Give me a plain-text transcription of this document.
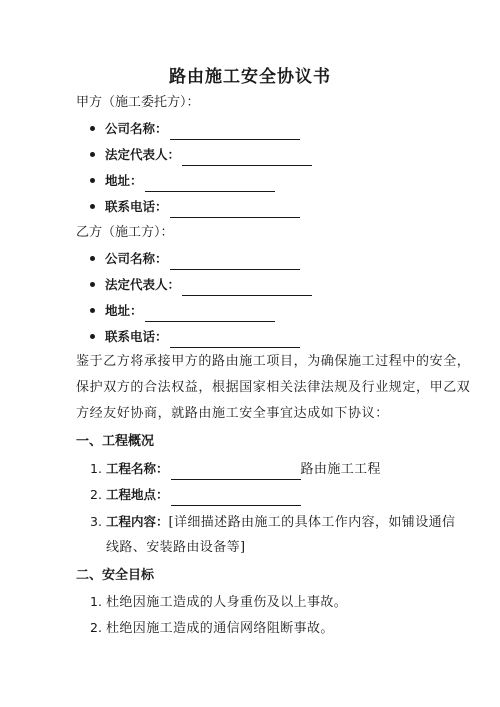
路由施工安全协议书
甲方（施工委托方）：
公司名称：
法定代表人：
地址：
联系电话：
乙方（施工方）：
公司名称：
法定代表人：
地址：
联系电话：
鉴于乙方将承接甲方的路由施工项目，为确保施工过程中的安全，
保护双方的合法权益，根据国家相关法律法规及行业规定，甲乙双
方经友好协商，就路由施工安全事宜达成如下协议：
一、工程概况
1. 工程名称：	路由施工工程
2. 工程地点：
3. 工程内容：[详细描述路由施工的具体工作内容，如铺设通信
线路、安装路由设备等]
二、安全目标
1. 杜绝因施工造成的人身重伤及以上事故。
2. 杜绝因施工造成的通信网络阻断事故。
